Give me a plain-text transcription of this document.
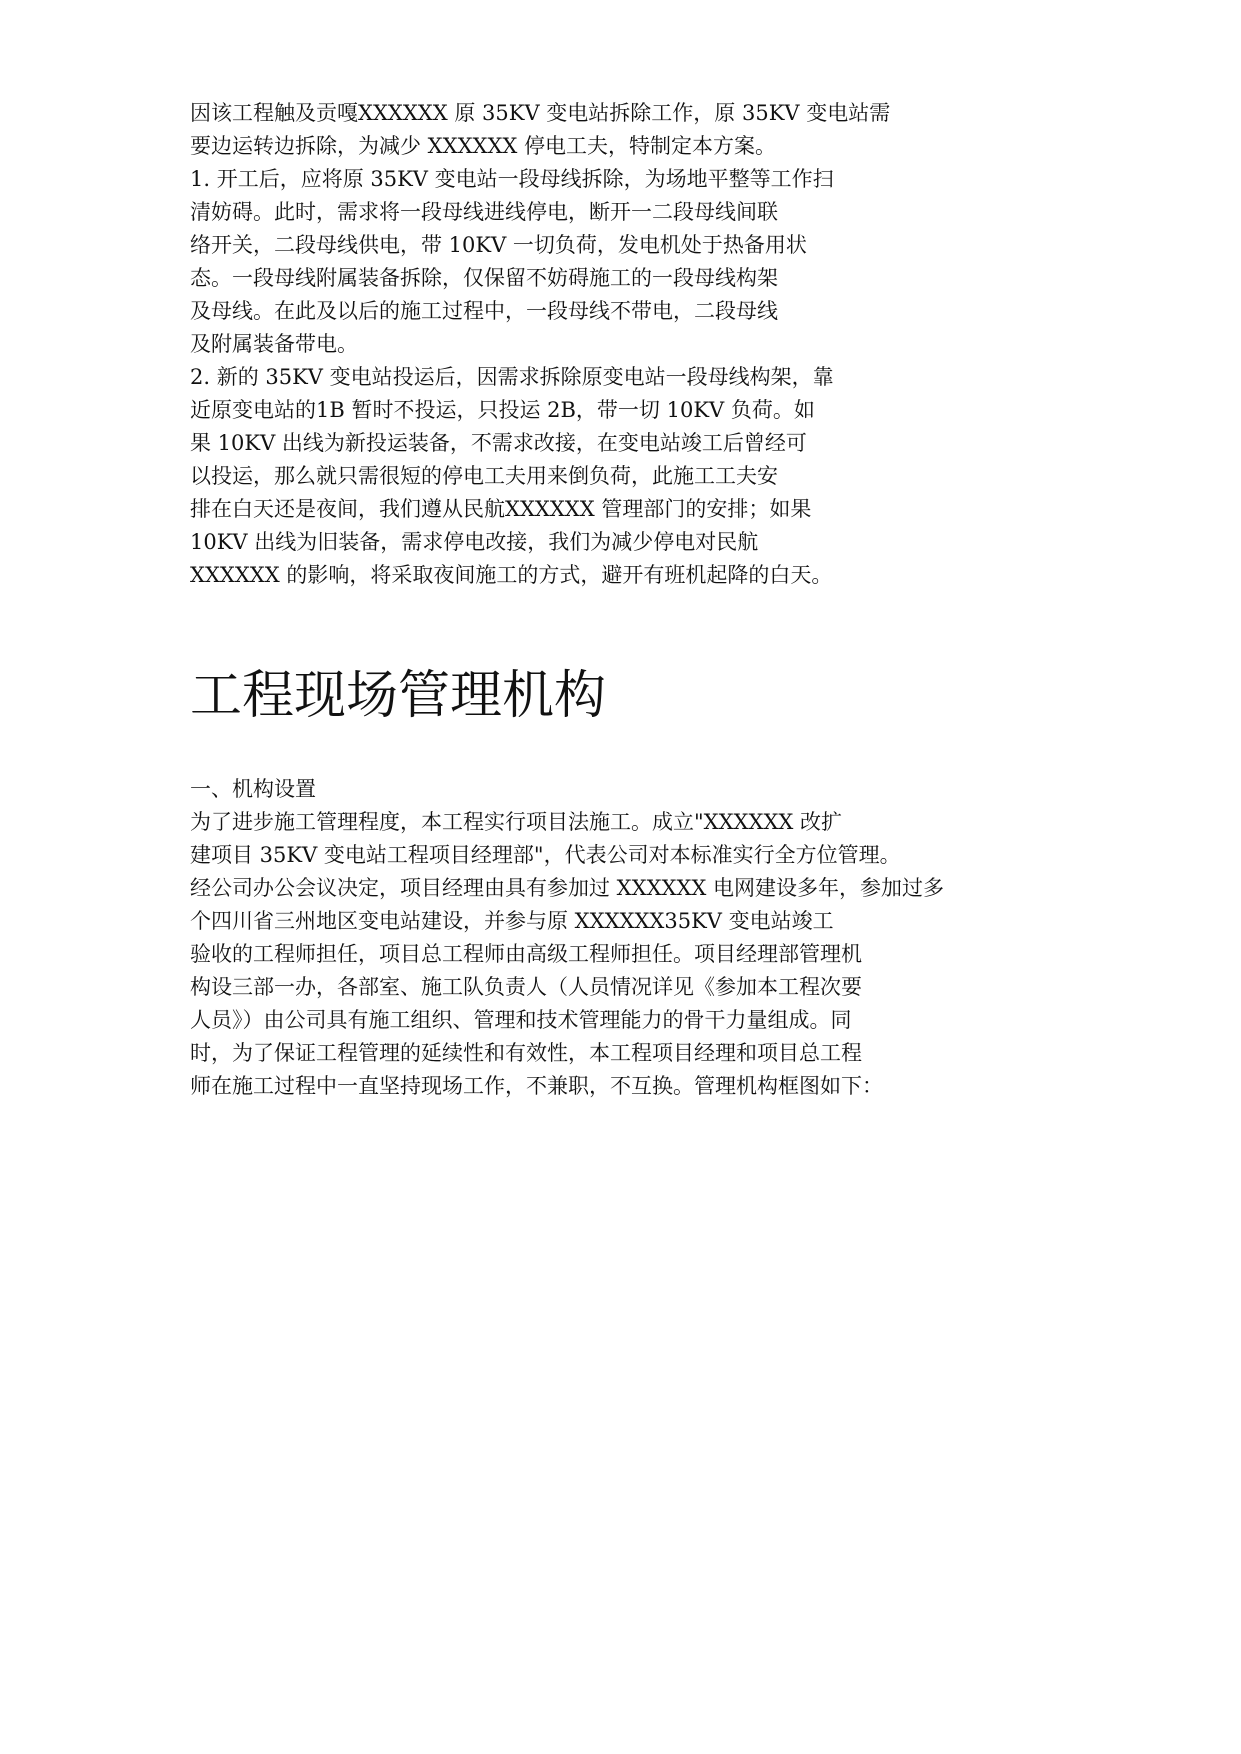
因该工程触及贡嘎XXXXXX 原 35KV 变电站拆除工作，原 35KV 变电站需
要边运转边拆除，为减少 XXXXXX 停电工夫，特制定本方案。
1. 开工后，应将原 35KV 变电站一段母线拆除，为场地平整等工作扫
清妨碍。此时，需求将一段母线进线停电，断开一二段母线间联
络开关，二段母线供电，带 10KV 一切负荷，发电机处于热备用状
态。一段母线附属装备拆除，仅保留不妨碍施工的一段母线构架
及母线。在此及以后的施工过程中，一段母线不带电，二段母线
及附属装备带电。
2. 新的 35KV 变电站投运后，因需求拆除原变电站一段母线构架，靠
近原变电站的1B 暂时不投运，只投运 2B，带一切 10KV 负荷。如
果 10KV 出线为新投运装备，不需求改接，在变电站竣工后曾经可
以投运，那么就只需很短的停电工夫用来倒负荷，此施工工夫安
排在白天还是夜间，我们遵从民航XXXXXX 管理部门的安排；如果
10KV 出线为旧装备，需求停电改接，我们为减少停电对民航
XXXXXX 的影响，将采取夜间施工的方式，避开有班机起降的白天。
工程现场管理机构
一、机构设置
为了进步施工管理程度，本工程实行项目法施工。成立"XXXXXX 改扩
建项目 35KV 变电站工程项目经理部"，代表公司对本标准实行全方位管理。
经公司办公会议决定，项目经理由具有参加过 XXXXXX 电网建设多年，参加过多
个四川省三州地区变电站建设，并参与原 XXXXXX35KV 变电站竣工
验收的工程师担任，项目总工程师由高级工程师担任。项目经理部管理机
构设三部一办，各部室、施工队负责人（人员情况详见《参加本工程次要
人员》）由公司具有施工组织、管理和技术管理能力的骨干力量组成。同
时，为了保证工程管理的延续性和有效性，本工程项目经理和项目总工程
师在施工过程中一直坚持现场工作，不兼职，不互换。管理机构框图如下：
